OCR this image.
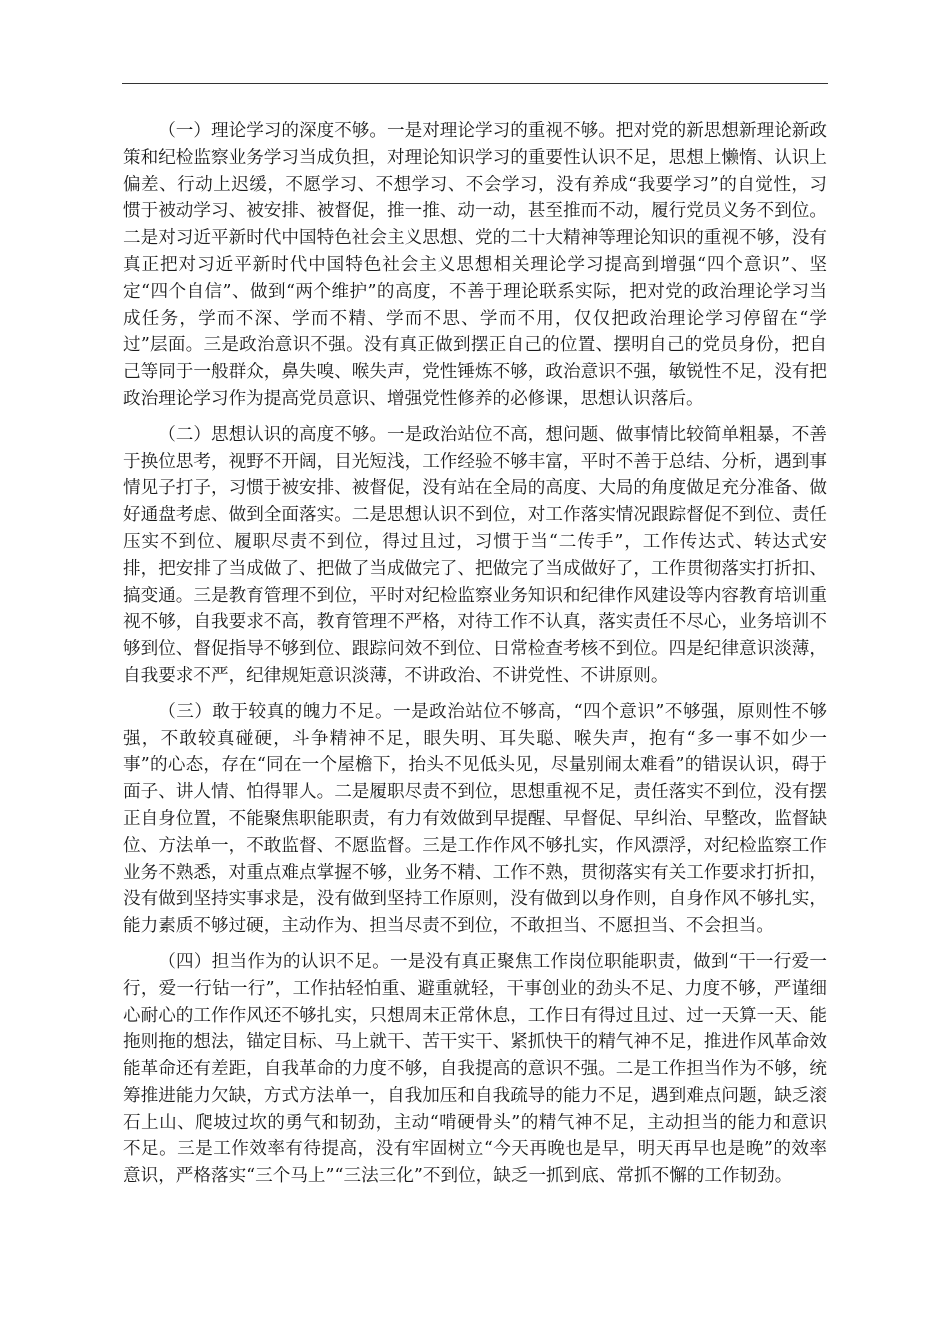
（一）理论学习的深度不够。一是对理论学习的重视不够。把对党的新思想新理论新政策和纪检监察业务学习当成负担，对理论知识学习的重要性认识不足，思想上懒惰、认识上偏差、行动上迟缓，不愿学习、不想学习、不会学习，没有养成“我要学习”的自觉性，习惯于被动学习、被安排、被督促，推一推、动一动，甚至推而不动，履行党员义务不到位。二是对习近平新时代中国特色社会主义思想、党的二十大精神等理论知识的重视不够，没有真正把对习近平新时代中国特色社会主义思想相关理论学习提高到增强“四个意识”、坚定“四个自信”、做到“两个维护”的高度，不善于理论联系实际，把对党的政治理论学习当成任务，学而不深、学而不精、学而不思、学而不用，仅仅把政治理论学习停留在“学过”层面。三是政治意识不强。没有真正做到摆正自己的位置、摆明自己的党员身份，把自己等同于一般群众，鼻失嗅、喉失声，党性锤炼不够，政治意识不强，敏锐性不足，没有把政治理论学习作为提高党员意识、增强党性修养的必修课，思想认识落后。

（二）思想认识的高度不够。一是政治站位不高，想问题、做事情比较简单粗暴，不善于换位思考，视野不开阔，目光短浅，工作经验不够丰富，平时不善于总结、分析，遇到事情见子打子，习惯于被安排、被督促，没有站在全局的高度、大局的角度做足充分准备、做好通盘考虑、做到全面落实。二是思想认识不到位，对工作落实情况跟踪督促不到位、责任压实不到位、履职尽责不到位，得过且过，习惯于当“二传手”，工作传达式、转达式安排，把安排了当成做了、把做了当成做完了、把做完了当成做好了，工作贯彻落实打折扣、搞变通。三是教育管理不到位，平时对纪检监察业务知识和纪律作风建设等内容教育培训重视不够，自我要求不高，教育管理不严格，对待工作不认真，落实责任不尽心，业务培训不够到位、督促指导不够到位、跟踪问效不到位、日常检查考核不到位。四是纪律意识淡薄，自我要求不严，纪律规矩意识淡薄，不讲政治、不讲党性、不讲原则。

（三）敢于较真的魄力不足。一是政治站位不够高，“四个意识”不够强，原则性不够强，不敢较真碰硬，斗争精神不足，眼失明、耳失聪、喉失声，抱有“多一事不如少一事”的心态，存在“同在一个屋檐下，抬头不见低头见，尽量别闹太难看”的错误认识，碍于面子、讲人情、怕得罪人。二是履职尽责不到位，思想重视不足，责任落实不到位，没有摆正自身位置，不能聚焦职能职责，有力有效做到早提醒、早督促、早纠治、早整改，监督缺位、方法单一，不敢监督、不愿监督。三是工作作风不够扎实，作风漂浮，对纪检监察工作业务不熟悉，对重点难点掌握不够，业务不精、工作不熟，贯彻落实有关工作要求打折扣，没有做到坚持实事求是，没有做到坚持工作原则，没有做到以身作则，自身作风不够扎实，能力素质不够过硬，主动作为、担当尽责不到位，不敢担当、不愿担当、不会担当。

（四）担当作为的认识不足。一是没有真正聚焦工作岗位职能职责，做到“干一行爱一行，爱一行钻一行”，工作拈轻怕重、避重就轻，干事创业的劲头不足、力度不够，严谨细心耐心的工作作风还不够扎实，只想周末正常休息，工作日有得过且过、过一天算一天、能拖则拖的想法，锚定目标、马上就干、苦干实干、紧抓快干的精气神不足，推进作风革命效能革命还有差距，自我革命的力度不够，自我提高的意识不强。二是工作担当作为不够，统筹推进能力欠缺，方式方法单一，自我加压和自我疏导的能力不足，遇到难点问题，缺乏滚石上山、爬坡过坎的勇气和韧劲，主动“啃硬骨头”的精气神不足，主动担当的能力和意识不足。三是工作效率有待提高，没有牢固树立“今天再晚也是早，明天再早也是晚”的效率意识，严格落实“三个马上”“三法三化”不到位，缺乏一抓到底、常抓不懈的工作韧劲。
